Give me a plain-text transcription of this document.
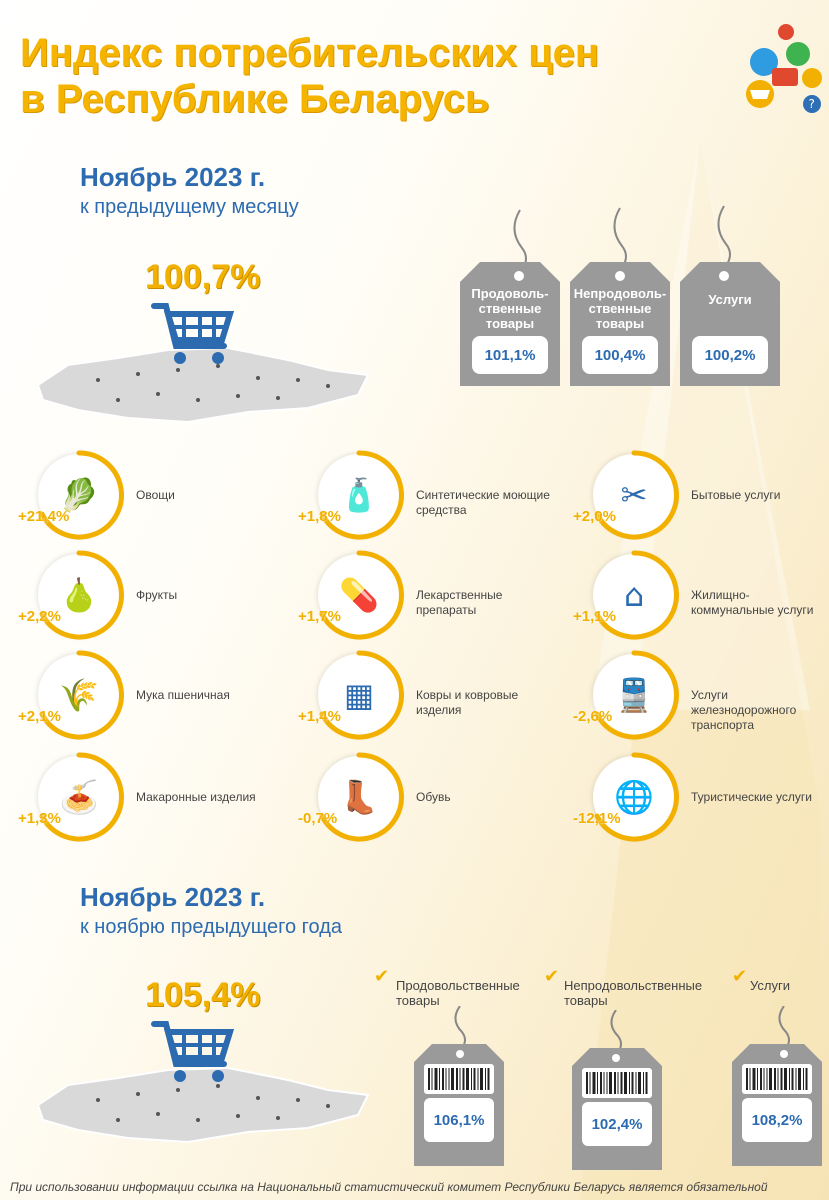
Индекс потребительских цен
в Республике Беларусь	?
Ноябрь 2023 г.
к предыдущему месяцу
100,7%	Продоволь-
ственные
товары
101,1%
Непродоволь-
ственные
товары
100,4%
Услуги
100,2%
🥬
+21,4%
Овощи
🍐
+2,2%
Фрукты
🌾
+2,1%
Мука пшеничная
🍝
+1,3%
Макаронные изделия
🧴
+1,8%
Синтетические моющие средства
💊
+1,7%
Лекарственные препараты
▦
+1,4%
Ковры и ковровые изделия
👢
-0,7%
Обувь
✂
+2,0%
Бытовые услуги
⌂
+1,1%
Жилищно-коммунальные услуги
🚆
-2,6%
Услуги железнодорожного транспорта
🌐
-12,1%
Туристические услуги
Ноябрь 2023 г.
к ноябрю предыдущего года
105,4%	✔ Продовольственные
товары
✔ Непродовольственные
товары
✔ Услуги
106,1%	102,4%	108,2%
При использовании информации ссылка на Национальный статистический комитет Республики Беларусь является обязательной
